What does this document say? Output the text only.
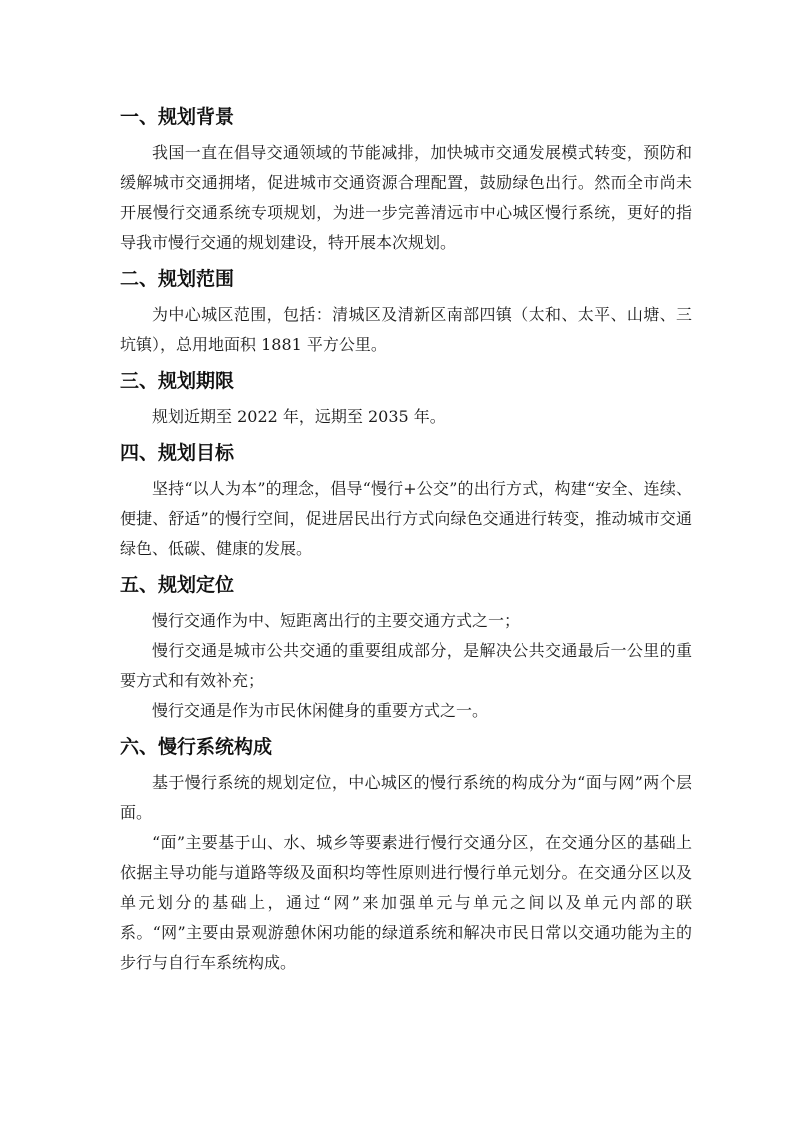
一、规划背景

我国一直在倡导交通领域的节能减排，加快城市交通发展模式转变，预防和缓解城市交通拥堵，促进城市交通资源合理配置，鼓励绿色出行。然而全市尚未开展慢行交通系统专项规划，为进一步完善清远市中心城区慢行系统，更好的指导我市慢行交通的规划建设，特开展本次规划。

二、规划范围

为中心城区范围，包括：清城区及清新区南部四镇（太和、太平、山塘、三坑镇），总用地面积 1881 平方公里。

三、规划期限

规划近期至 2022 年，远期至 2035 年。

四、规划目标

坚持“以人为本”的理念，倡导“慢行+公交”的出行方式，构建“安全、连续、便捷、舒适”的慢行空间，促进居民出行方式向绿色交通进行转变，推动城市交通绿色、低碳、健康的发展。

五、规划定位

慢行交通作为中、短距离出行的主要交通方式之一；

慢行交通是城市公共交通的重要组成部分，是解决公共交通最后一公里的重要方式和有效补充；

慢行交通是作为市民休闲健身的重要方式之一。

六、慢行系统构成

基于慢行系统的规划定位，中心城区的慢行系统的构成分为“面与网”两个层面。

“面”主要基于山、水、城乡等要素进行慢行交通分区，在交通分区的基础上依据主导功能与道路等级及面积均等性原则进行慢行单元划分。在交通分区以及单元划分的基础上，通过“网”来加强单元与单元之间以及单元内部的联系。“网”主要由景观游憩休闲功能的绿道系统和解决市民日常以交通功能为主的步行与自行车系统构成。
